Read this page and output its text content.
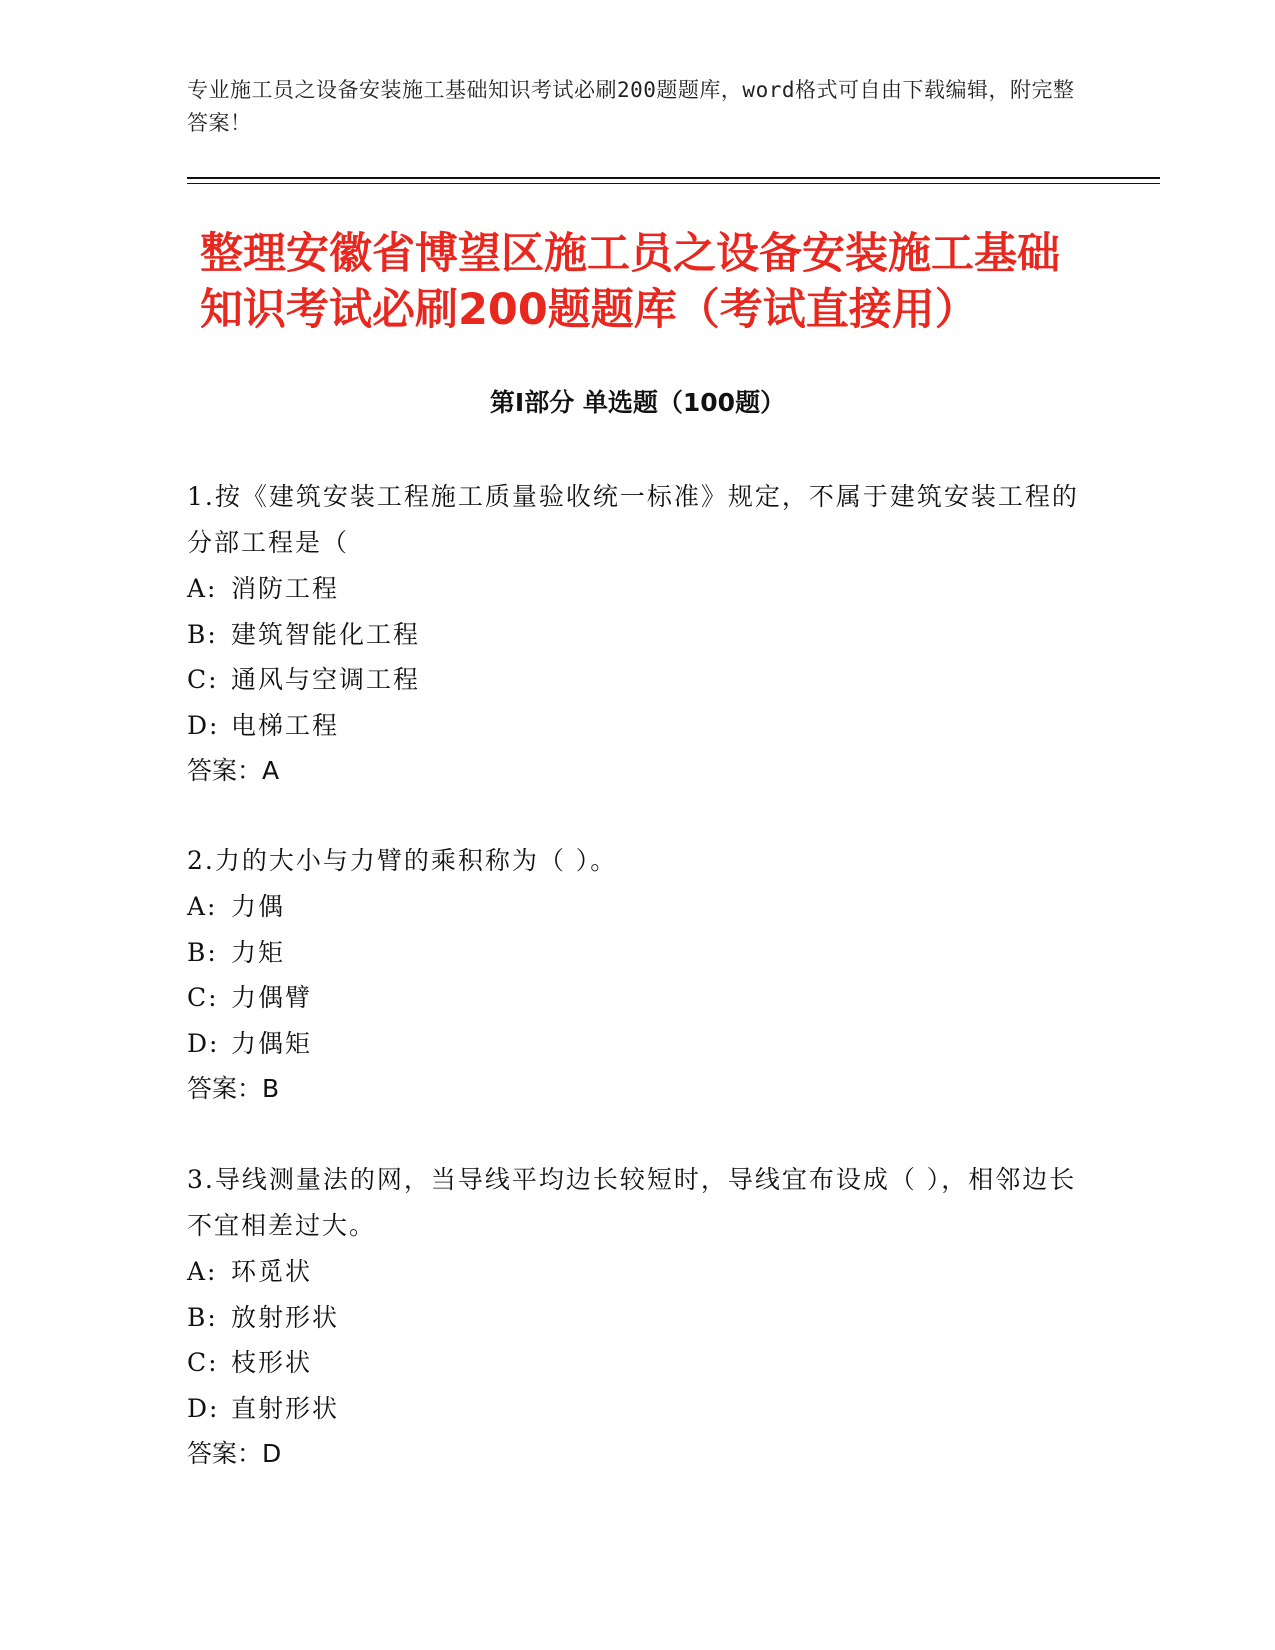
专业施工员之设备安装施工基础知识考试必刷200题题库，word格式可自由下载编辑，附完整答案！
整理安徽省博望区施工员之设备安装施工基础知识考试必刷200题题库（考试直接用）
第I部分 单选题（100题）

1.按《建筑安装工程施工质量验收统一标准》规定，不属于建筑安装工程的分部工程是（

A: 消防工程

B: 建筑智能化工程

C: 通风与空调工程

D: 电梯工程

答案：A

2.力的大小与力臂的乘积称为（ ）。

A: 力偶

B: 力矩

C: 力偶臂

D: 力偶矩

答案：B

3.导线测量法的网，当导线平均边长较短时，导线宜布设成（ ），相邻边长不宜相差过大。

A: 环觅状

B: 放射形状

C: 枝形状

D: 直射形状

答案：D
